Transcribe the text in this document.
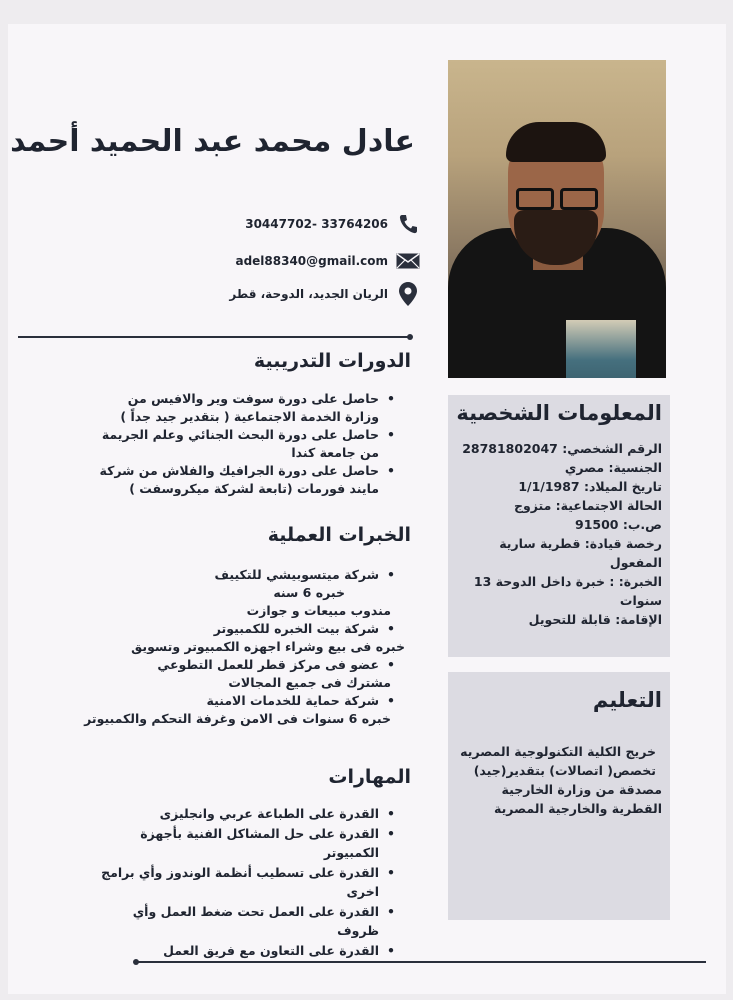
عادل محمد عبد الحميد أحمد
30447702- 33764206
adel88340@gmail.com
الريان الجديد، الدوحة، قطر
الدورات التدريبية
• حاصل على دورة سوفت وير والافيس من وزارة الخدمة الاجتماعية ( بتقدير جيد جداً )
• حاصل على دورة البحث الجنائي وعلم الجريمة من جامعة كندا
• حاصل على دورة الجرافيك والفلاش من شركة مايند فورمات (تابعة لشركة ميكروسفت )
الخبرات العملية
• شركة ميتسوبيشي للتكييف
خبره 6 سنه
مندوب مبيعات و جوازت
• شركة بيت الخبره للكمبيوتر
خبره فى بيع وشراء اجهزه الكمبيوتر وتسويق
• عضو فى مركز قطر للعمل التطوعي
مشترك فى جميع المجالات
• شركة حماية للخدمات الامنية
خبره 6 سنوات فى الامن وغرفة التحكم والكمبيوتر
المهارات
• القدرة على الطباعة عربي وانجليزى
• القدرة على حل المشاكل الفنية بأجهزة الكمبيوتر
• القدرة على تسطيب أنظمة الوندوز وأي برامج اخرى
• القدرة على العمل تحت ضغط العمل وأي ظروف
• القدرة على التعاون مع فريق العمل
المعلومات الشخصية
الرقم الشخصي: 28781802047
الجنسية: مصري
تاريخ الميلاد: 1/1/1987
الحالة الاجتماعية: متزوج
ص.ب: 91500
رخصة قيادة: قطرية سارية المفعول
الخبرة: : خبرة داخل الدوحة 13 سنوات
الإقامة: قابلة للتحويل
التعليم
خريج الكلية التكنولوجية المصريه تخصص( اتصالات) بتقدير(جيد)
مصدقة من وزارة الخارجية القطرية والخارجية المصرية
